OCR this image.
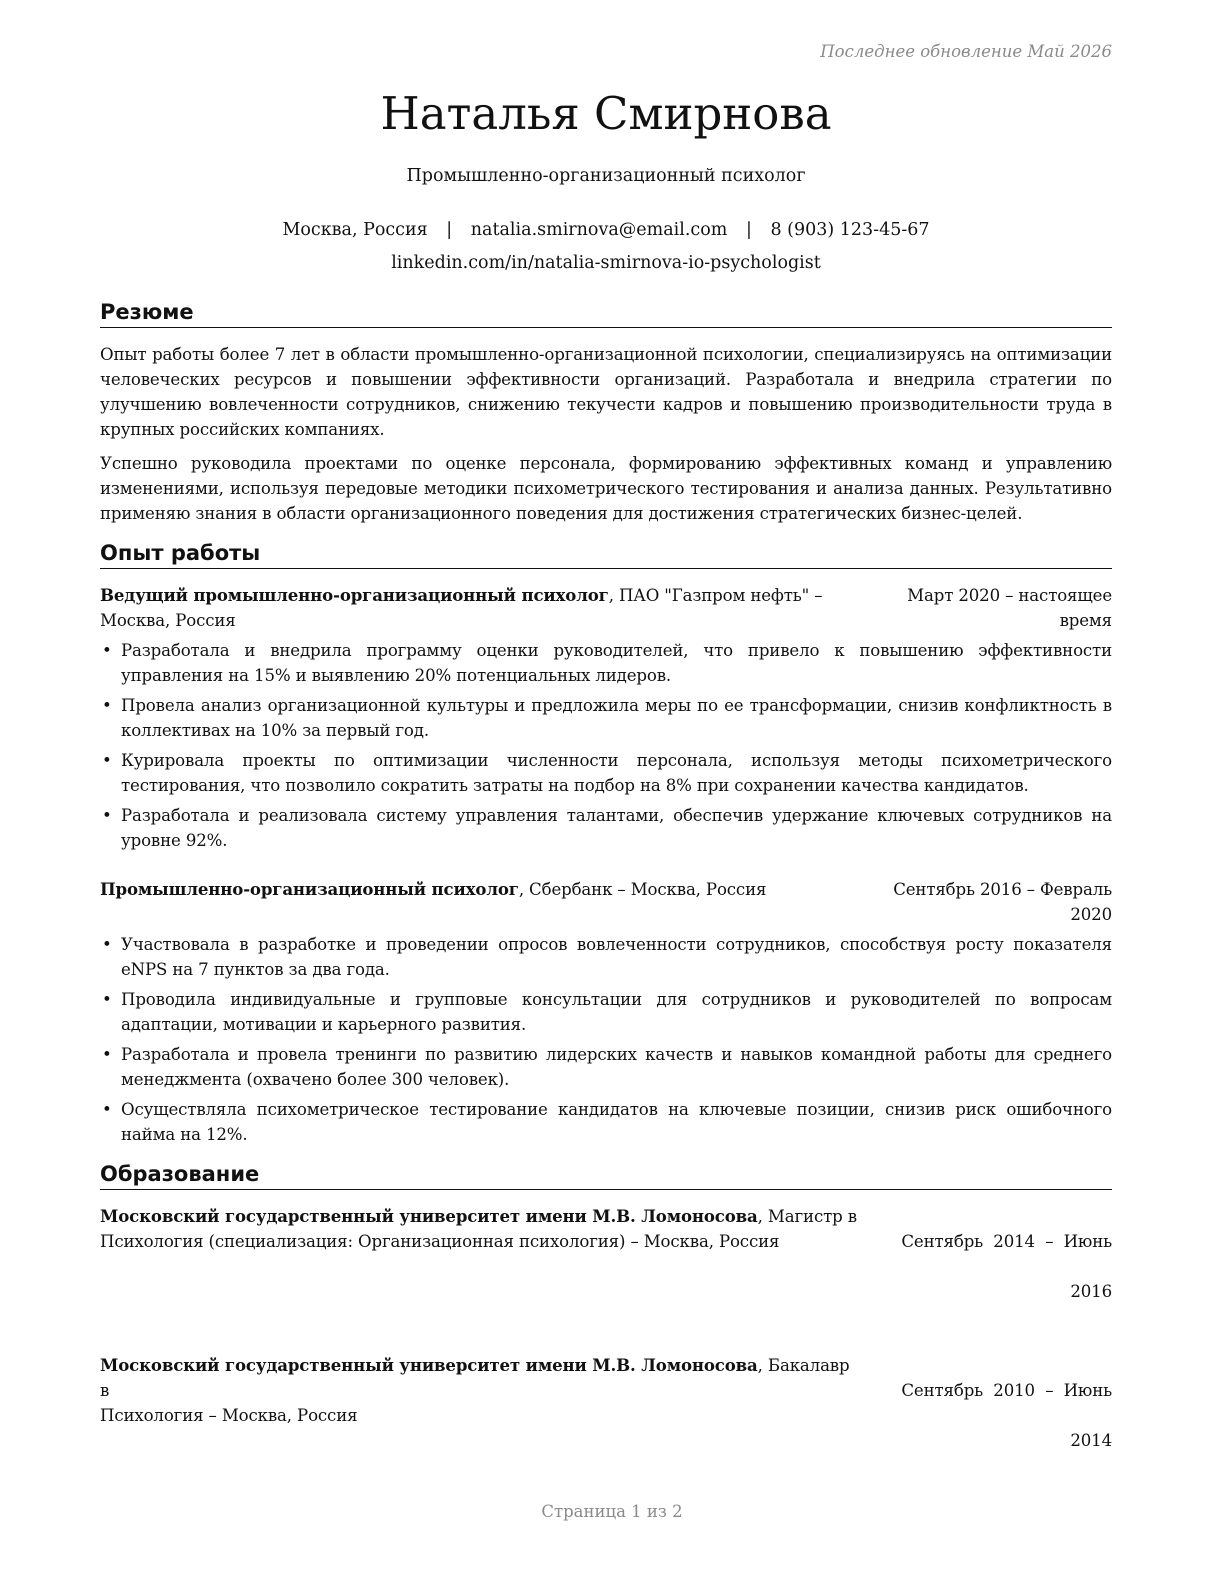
Последнее обновление Май 2026
Наталья Смирнова
Промышленно-организационный психолог
Москва, Россия | natalia.smirnova@email.com | 8 (903) 123-45-67
linkedin.com/in/natalia-smirnova-io-psychologist
Резюме

Опыт работы более 7 лет в области промышленно-организационной психологии, специализируясь на оптимизации человеческих ресурсов и повышении эффективности организаций. Разработала и внедрила стратегии по улучшению вовлеченности сотрудников, снижению текучести кадров и повышению производительности труда в крупных российских компаниях.

Успешно руководила проектами по оценке персонала, формированию эффективных команд и управлению изменениями, используя передовые методики психометрического тестирования и анализа данных. Результативно применяю знания в области организационного поведения для достижения стратегических бизнес-целей.

Опыт работы
Ведущий промышленно-организационный психолог, ПАО "Газпром нефть" –
Москва, Россия
Март 2020 – настоящее
время
• Разработала и внедрила программу оценки руководителей, что привело к повышению эффективности управления на 15% и выявлению 20% потенциальных лидеров.
• Провела анализ организационной культуры и предложила меры по ее трансформации, снизив конфликтность в коллективах на 10% за первый год.
• Курировала проекты по оптимизации численности персонала, используя методы психометрического тестирования, что позволило сократить затраты на подбор на 8% при сохранении качества кандидатов.
• Разработала и реализовала систему управления талантами, обеспечив удержание ключевых сотрудников на уровне 92%.
Промышленно-организационный психолог, Сбербанк – Москва, Россия	Сентябрь 2016 – Февраль
2020
• Участвовала в разработке и проведении опросов вовлеченности сотрудников, способствуя росту показателя eNPS на 7 пунктов за два года.
• Проводила индивидуальные и групповые консультации для сотрудников и руководителей по вопросам адаптации, мотивации и карьерного развития.
• Разработала и провела тренинги по развитию лидерских качеств и навыков командной работы для среднего менеджмента (охвачено более 300 человек).
• Осуществляла психометрическое тестирование кандидатов на ключевые позиции, снизив риск ошибочного найма на 12%.
Образование
Московский государственный университет имени М.В. Ломоносова, Магистр в
Психология (специализация: Организационная психология) – Москва, Россия	Сентябрь  2014  –  Июнь

2016

Московский государственный университет имени М.В. Ломоносова, Бакалавр в
Психология – Москва, Россия

Сентябрь  2010  –  Июнь

2014

Страница 1 из 2
